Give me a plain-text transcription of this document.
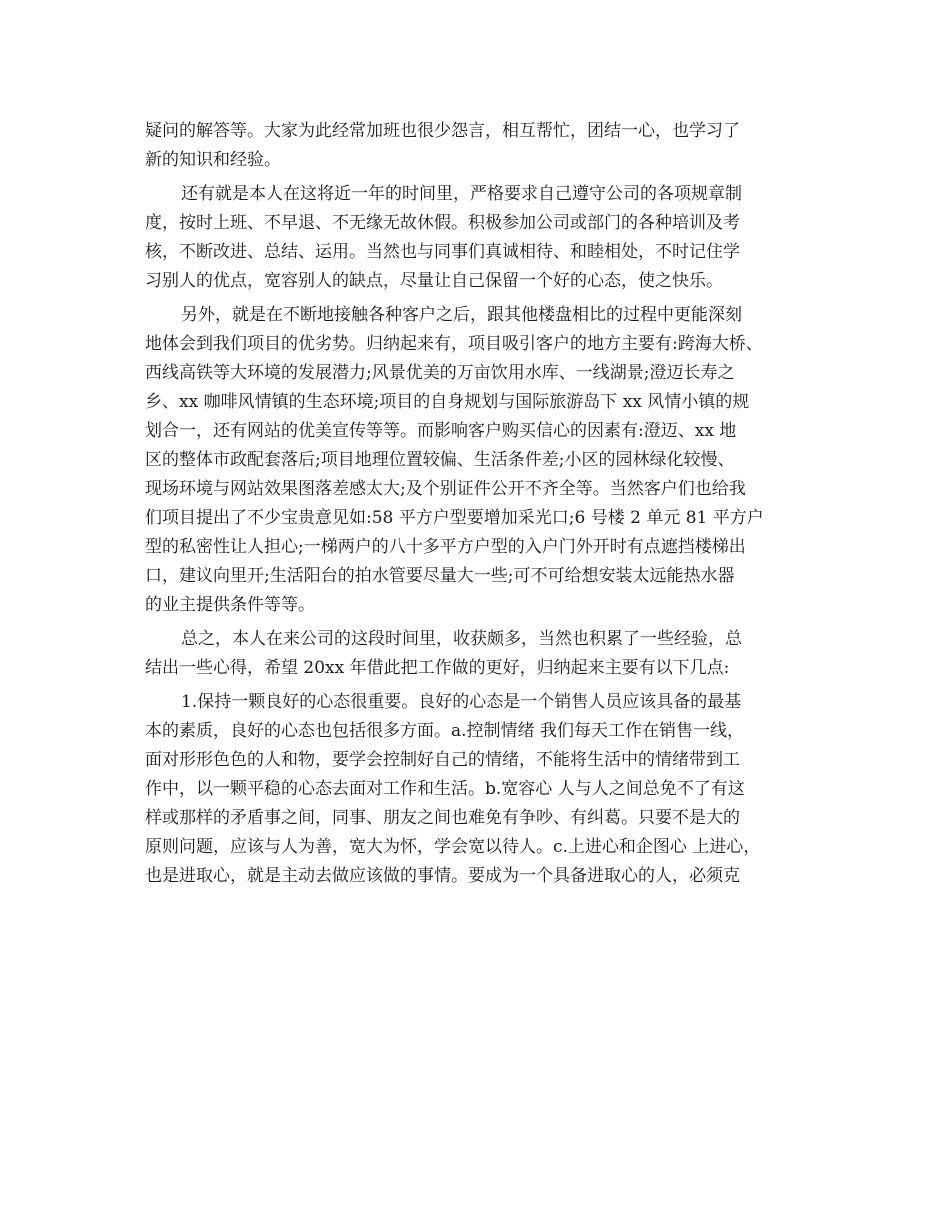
疑问的解答等。大家为此经常加班也很少怨言，相互帮忙，团结一心，也学习了
新的知识和经验。
还有就是本人在这将近一年的时间里，严格要求自己遵守公司的各项规章制
度，按时上班、不早退、不无缘无故休假。积极参加公司或部门的各种培训及考
核，不断改进、总结、运用。当然也与同事们真诚相待、和睦相处，不时记住学
习别人的优点，宽容别人的缺点，尽量让自己保留一个好的心态，使之快乐。
另外，就是在不断地接触各种客户之后，跟其他楼盘相比的过程中更能深刻
地体会到我们项目的优劣势。归纳起来有，项目吸引客户的地方主要有:跨海大桥、
西线高铁等大环境的发展潜力;风景优美的万亩饮用水库、一线湖景;澄迈长寿之
乡、xx 咖啡风情镇的生态环境;项目的自身规划与国际旅游岛下 xx 风情小镇的规
划合一，还有网站的优美宣传等等。而影响客户购买信心的因素有:澄迈、xx 地
区的整体市政配套落后;项目地理位置较偏、生活条件差;小区的园林绿化较慢、
现场环境与网站效果图落差感太大;及个别证件公开不齐全等。当然客户们也给我
们项目提出了不少宝贵意见如:58 平方户型要增加采光口;6 号楼 2 单元 81 平方户
型的私密性让人担心;一梯两户的八十多平方户型的入户门外开时有点遮挡楼梯出
口，建议向里开;生活阳台的拍水管要尽量大一些;可不可给想安装太远能热水器
的业主提供条件等等。
总之，本人在来公司的这段时间里，收获颇多，当然也积累了一些经验，总
结出一些心得，希望 20xx 年借此把工作做的更好，归纳起来主要有以下几点:
1.保持一颗良好的心态很重要。良好的心态是一个销售人员应该具备的最基
本的素质，良好的心态也包括很多方面。a.控制情绪 我们每天工作在销售一线，
面对形形色色的人和物，要学会控制好自己的情绪，不能将生活中的情绪带到工
作中，以一颗平稳的心态去面对工作和生活。b.宽容心 人与人之间总免不了有这
样或那样的矛盾事之间，同事、朋友之间也难免有争吵、有纠葛。只要不是大的
原则问题，应该与人为善，宽大为怀，学会宽以待人。c.上进心和企图心 上进心，
也是进取心，就是主动去做应该做的事情。要成为一个具备进取心的人，必须克
